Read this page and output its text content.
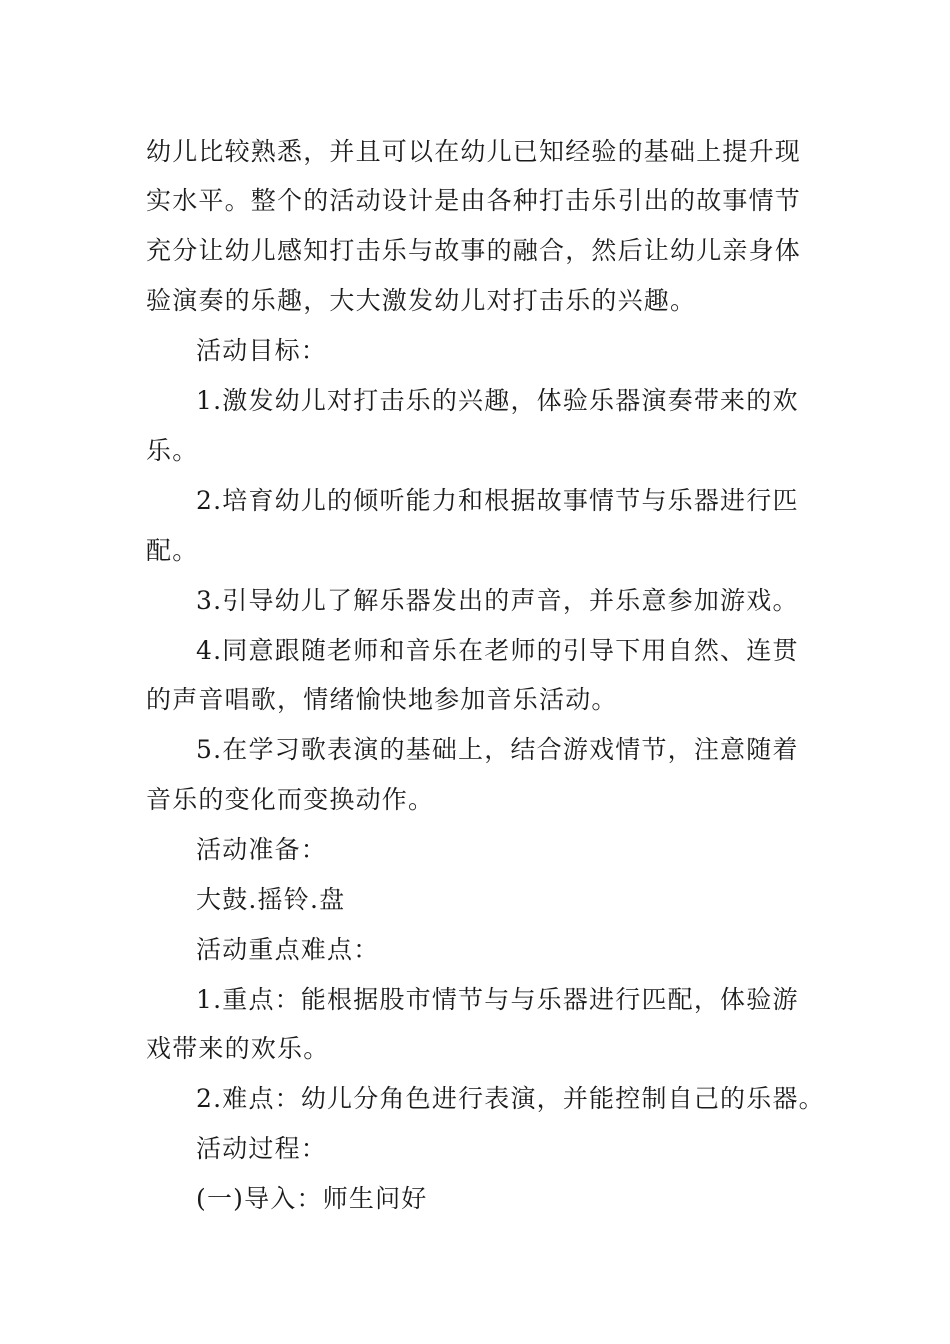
幼儿比较熟悉，并且可以在幼儿已知经验的基础上提升现
实水平。整个的活动设计是由各种打击乐引出的故事情节
充分让幼儿感知打击乐与故事的融合，然后让幼儿亲身体
验演奏的乐趣，大大激发幼儿对打击乐的兴趣。
活动目标：
1.激发幼儿对打击乐的兴趣，体验乐器演奏带来的欢
乐。
2.培育幼儿的倾听能力和根据故事情节与乐器进行匹
配。
3.引导幼儿了解乐器发出的声音，并乐意参加游戏。
4.同意跟随老师和音乐在老师的引导下用自然、连贯
的声音唱歌，情绪愉快地参加音乐活动。
5.在学习歌表演的基础上，结合游戏情节，注意随着
音乐的变化而变换动作。
活动准备：
大鼓.摇铃.盘
活动重点难点：
1.重点：能根据股市情节与与乐器进行匹配，体验游
戏带来的欢乐。
2.难点：幼儿分角色进行表演，并能控制自己的乐器。
活动过程：
(一)导入：师生问好
